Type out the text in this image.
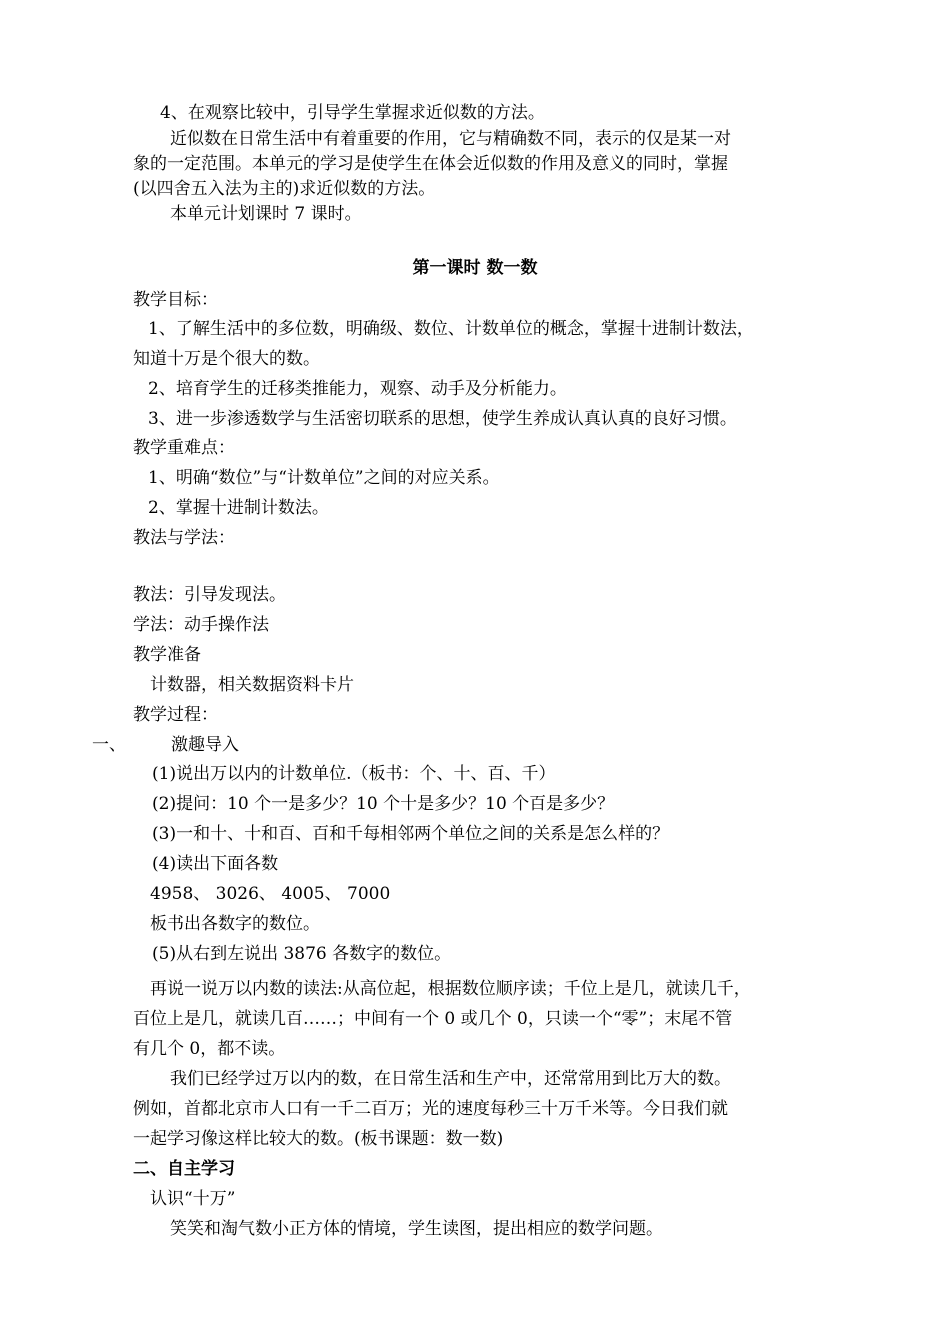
4、在观察比较中，引导学生掌握求近似数的方法。
近似数在日常生活中有着重要的作用，它与精确数不同，表示的仅是某一对
象的一定范围。本单元的学习是使学生在体会近似数的作用及意义的同时，掌握
(以四舍五入法为主的)求近似数的方法。
本单元计划课时 7 课时。
第一课时 数一数
教学目标：
1、了解生活中的多位数，明确级、数位、计数单位的概念，掌握十进制计数法，
知道十万是个很大的数。
2、培育学生的迁移类推能力，观察、动手及分析能力。
3、进一步渗透数学与生活密切联系的思想，使学生养成认真认真的良好习惯。
教学重难点：
1、明确“数位”与“计数单位”之间的对应关系。
2、掌握十进制计数法。
教法与学法：
教法：引导发现法。
学法：动手操作法
教学准备
计数器，相关数据资料卡片
教学过程：
一、	激趣导入
(1)说出万以内的计数单位.（板书：个、十、百、千）
(2)提问：10 个一是多少？10 个十是多少？10 个百是多少？
(3)一和十、十和百、百和千每相邻两个单位之间的关系是怎么样的？
(4)读出下面各数
4958、 3026、 4005、 7000
板书出各数字的数位。
(5)从右到左说出 3876 各数字的数位。
再说一说万以内数的读法:从高位起，根据数位顺序读；千位上是几，就读几千，
百位上是几，就读几百……；中间有一个 0 或几个 0，只读一个“零”；末尾不管
有几个 0，都不读。
我们已经学过万以内的数，在日常生活和生产中，还常常用到比万大的数。
例如，首都北京市人口有一千二百万；光的速度每秒三十万千米等。今日我们就
一起学习像这样比较大的数。(板书课题：数一数)
二、自主学习
认识“十万”
笑笑和淘气数小正方体的情境，学生读图，提出相应的数学问题。
